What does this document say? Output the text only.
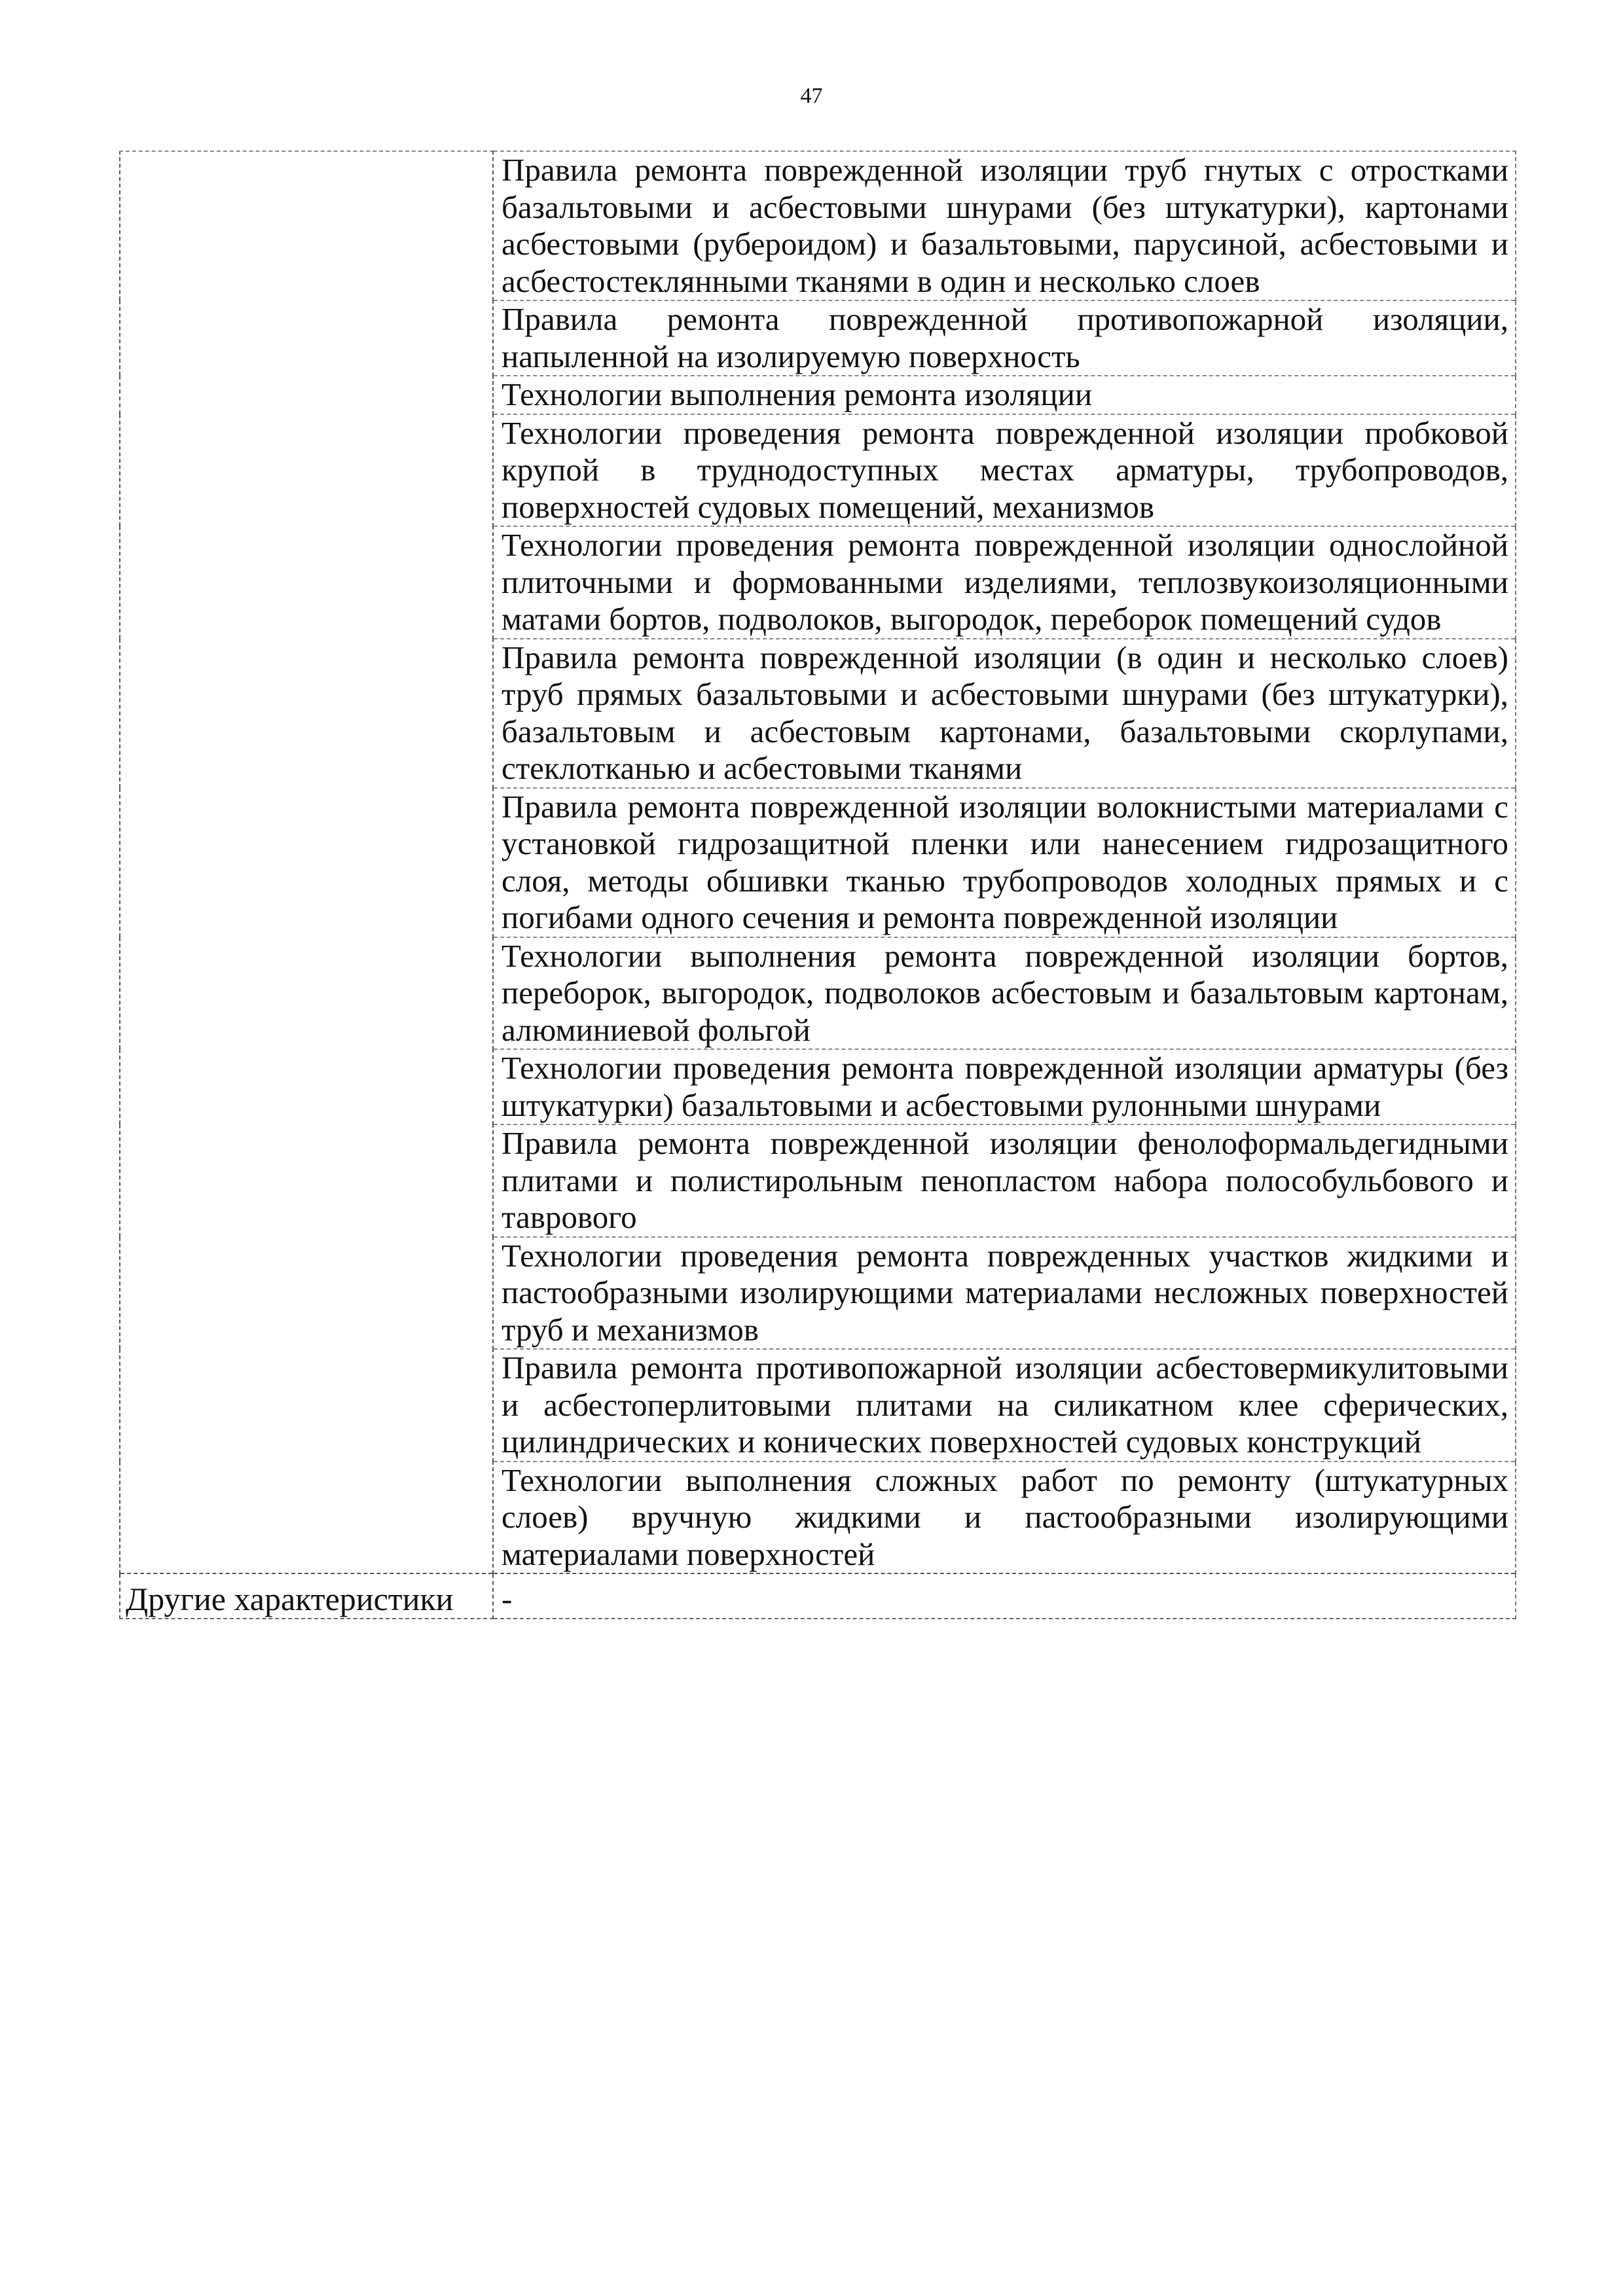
47

	Правила ремонта поврежденной изоляции труб гнутых с отростками базальтовыми и асбестовыми шнурами (без штукатурки), картонами асбестовыми (рубероидом) и базальтовыми, парусиной, асбестовыми и асбестостеклянными тканями в один и несколько слоев

	Правила ремонта поврежденной противопожарной изоляции, напыленной на изолируемую поверхность

	Технологии выполнения ремонта изоляции

	Технологии проведения ремонта поврежденной изоляции пробковой крупой в труднодоступных местах арматуры, трубопроводов, поверхностей судовых помещений, механизмов

	Технологии проведения ремонта поврежденной изоляции однослойной плиточными и формованными изделиями, теплозвукоизоляционными матами бортов, подволоков, выгородок, переборок помещений судов

	Правила ремонта поврежденной изоляции (в один и несколько слоев) труб прямых базальтовыми и асбестовыми шнурами (без штукатурки), базальтовым и асбестовым картонами, базальтовыми скорлупами, стеклотканью и асбестовыми тканями

	Правила ремонта поврежденной изоляции волокнистыми материалами с установкой гидрозащитной пленки или нанесением гидрозащитного слоя, методы обшивки тканью трубопроводов холодных прямых и с погибами одного сечения и ремонта поврежденной изоляции

	Технологии выполнения ремонта поврежденной изоляции бортов, переборок, выгородок, подволоков асбестовым и базальтовым картонам, алюминиевой фольгой

	Технологии проведения ремонта поврежденной изоляции арматуры (без штукатурки) базальтовыми и асбестовыми рулонными шнурами

	Правила ремонта поврежденной изоляции фенолоформальдегидными плитами и полистирольным пенопластом набора полособульбового и таврового

	Технологии проведения ремонта поврежденных участков жидкими и пастообразными изолирующими материалами несложных поверхностей труб и механизмов

	Правила ремонта противопожарной изоляции асбестовермикулитовыми и асбестоперлитовыми плитами на силикатном клее сферических, цилиндрических и конических поверхностей судовых конструкций

	Технологии выполнения сложных работ по ремонту (штукатурных слоев) вручную жидкими и пастообразными изолирующими материалами поверхностей

Другие характеристики	-
